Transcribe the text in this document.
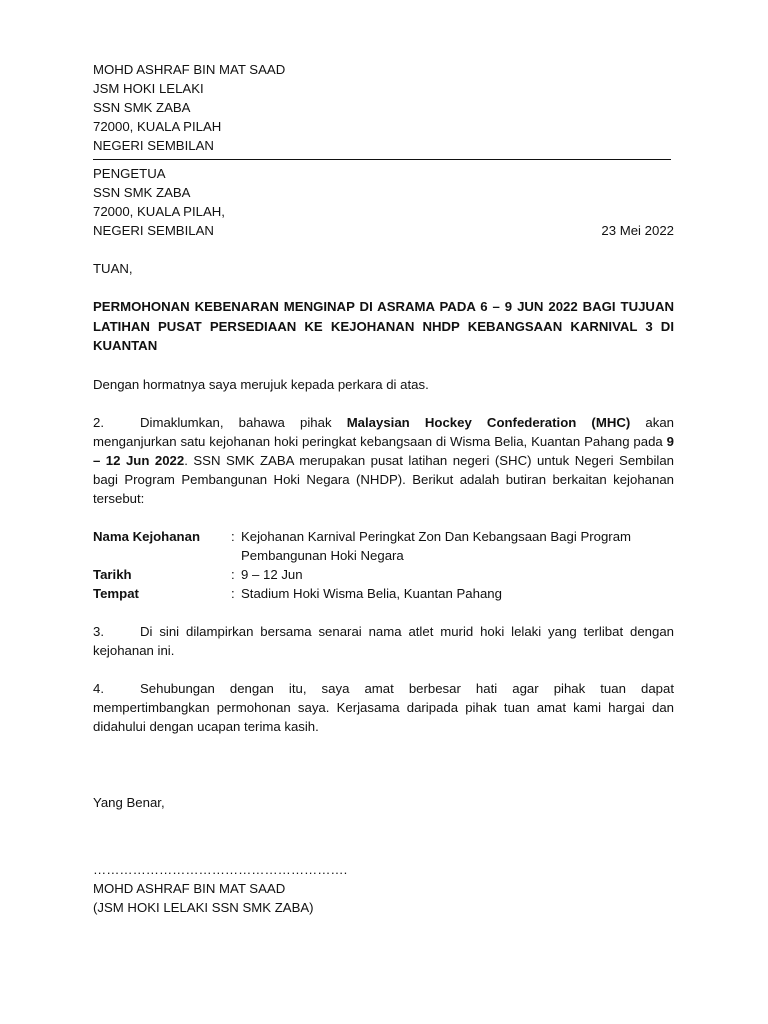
MOHD ASHRAF BIN MAT SAAD
JSM HOKI LELAKI
SSN SMK ZABA
72000, KUALA PILAH
NEGERI SEMBILAN
PENGETUA
SSN SMK ZABA
72000, KUALA PILAH,
NEGERI SEMBILAN	23 Mei 2022
TUAN,
PERMOHONAN KEBENARAN MENGINAP DI ASRAMA PADA 6 – 9 JUN 2022 BAGI TUJUAN LATIHAN PUSAT PERSEDIAAN KE KEJOHANAN NHDP KEBANGSAAN KARNIVAL 3 DI KUANTAN
Dengan hormatnya saya merujuk kepada perkara di atas.
2.	Dimaklumkan, bahawa pihak Malaysian Hockey Confederation (MHC) akan menganjurkan satu kejohanan hoki peringkat kebangsaan di Wisma Belia, Kuantan Pahang pada 9 – 12 Jun 2022. SSN SMK ZABA merupakan pusat latihan negeri (SHC) untuk Negeri Sembilan bagi Program Pembangunan Hoki Negara (NHDP). Berikut adalah butiran berkaitan kejohanan tersebut:
Nama Kejohanan	: Kejohanan Karnival Peringkat Zon Dan Kebangsaan Bagi Program Pembangunan Hoki Negara
Tarikh	: 9 – 12 Jun
Tempat	: Stadium Hoki Wisma Belia, Kuantan Pahang
3.	Di sini dilampirkan bersama senarai nama atlet murid hoki lelaki yang terlibat dengan kejohanan ini.
4.	Sehubungan dengan itu, saya amat berbesar hati agar pihak tuan dapat mempertimbangkan permohonan saya. Kerjasama daripada pihak tuan amat kami hargai dan didahului dengan ucapan terima kasih.
Yang Benar,
………………………………………………….
MOHD ASHRAF BIN MAT SAAD
(JSM HOKI LELAKI SSN SMK ZABA)
